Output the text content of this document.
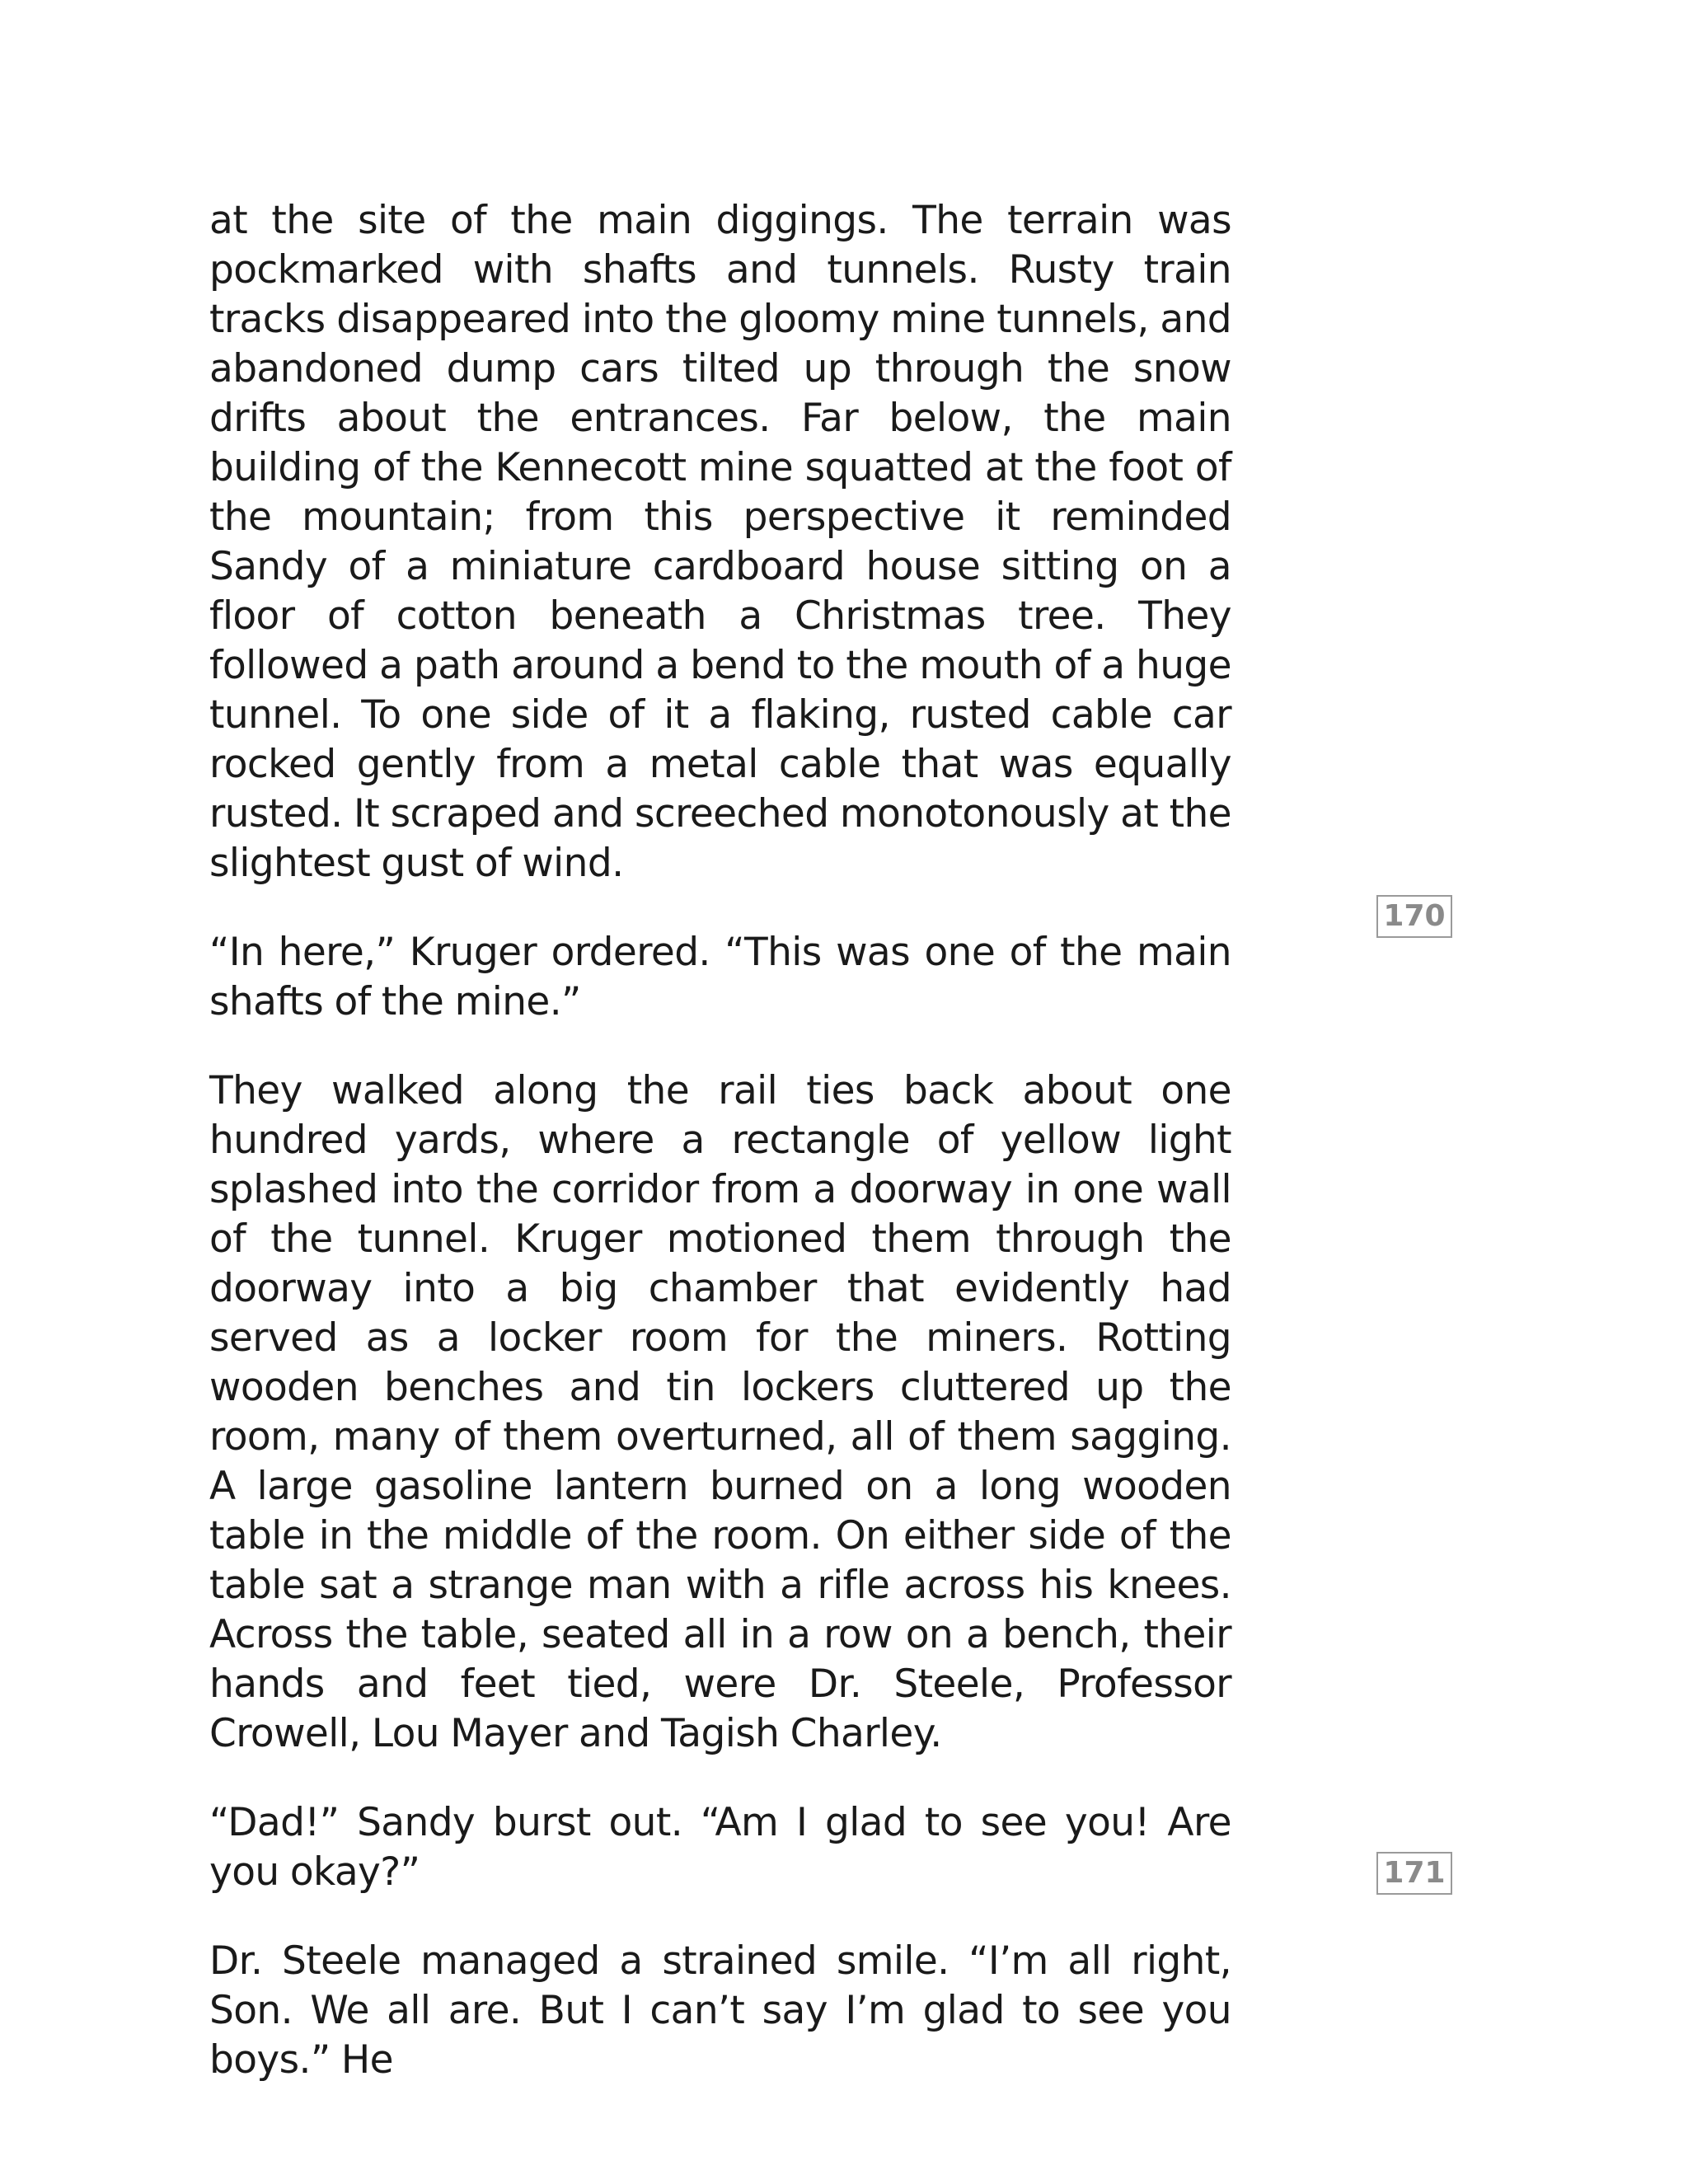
at the site of the main diggings. The terrain was pockmarked with shafts and tunnels. Rusty train tracks disappeared into the gloomy mine tunnels, and abandoned dump cars tilted up through the snow drifts about the entrances. Far below, the main building of the Kennecott mine squatted at the foot of the mountain; from this perspective it reminded Sandy of a miniature cardboard house sitting on a floor of cotton beneath a Christmas tree. They followed a path around a bend to the mouth of a huge tunnel. To one side of it a flaking, rusted cable car rocked gently from a metal cable that was equally rusted. It scraped and screeched monotonously at the slightest gust of wind.

“In here,” Kruger ordered. “This was one of the main shafts of the mine.”

They walked along the rail ties back about one hundred yards, where a rectangle of yellow light splashed into the corridor from a doorway in one wall of the tunnel. Kruger motioned them through the doorway into a big chamber that evidently had served as a locker room for the miners. Rotting wooden benches and tin lockers cluttered up the room, many of them overturned, all of them sagging. A large gasoline lantern burned on a long wooden table in the middle of the room. On either side of the table sat a strange man with a rifle across his knees. Across the table, seated all in a row on a bench, their hands and feet tied, were Dr. Steele, Professor Crowell, Lou Mayer and Tagish Charley.

“Dad!” Sandy burst out. “Am I glad to see you! Are you okay?”

Dr. Steele managed a strained smile. “I’m all right, Son. We all are. But I can’t say I’m glad to see you boys.” He

170
171
